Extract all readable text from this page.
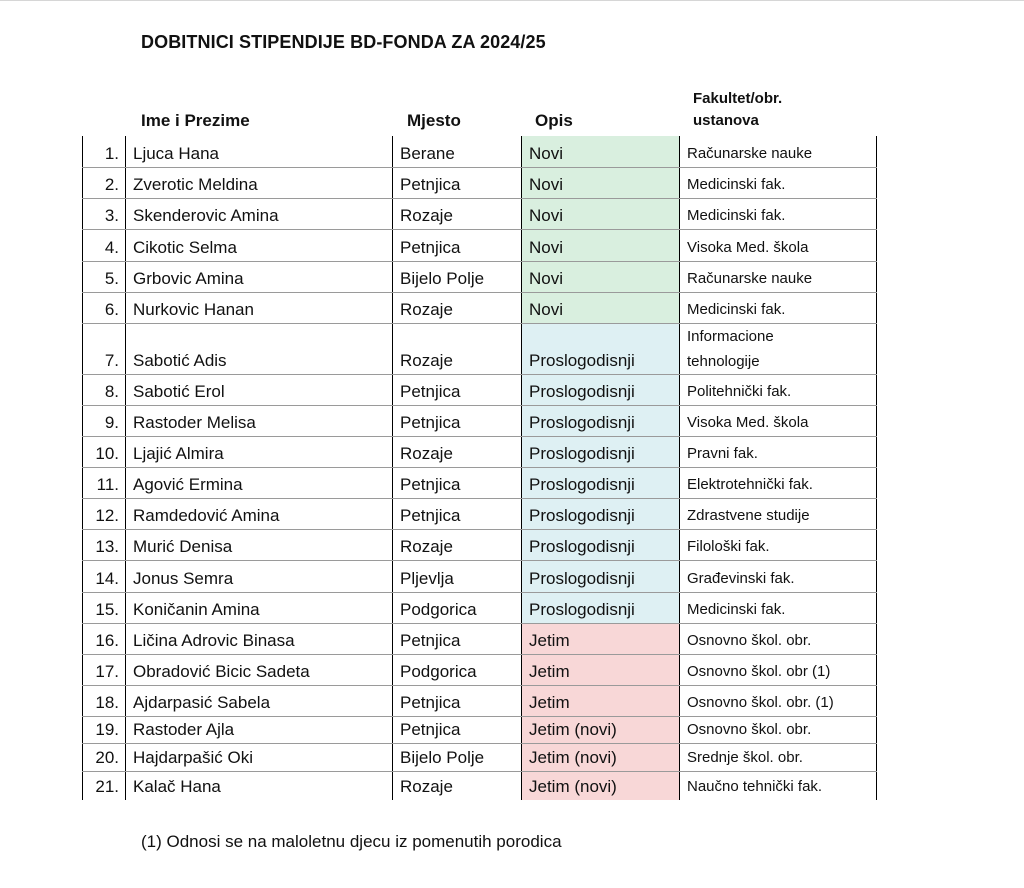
DOBITNICI STIPENDIJE BD-FONDA ZA 2024/25
Ime i Prezime	Mjesto	Opis
Fakultet/obr.
ustanova
1.	Ljuca Hana	Berane	Novi	Računarske nauke
2.	Zverotic Meldina	Petnjica	Novi	Medicinski fak.
3.	Skenderovic Amina	Rozaje	Novi	Medicinski fak.
4.	Cikotic Selma	Petnjica	Novi	Visoka Med. škola
5.	Grbovic Amina	Bijelo Polje	Novi	Računarske nauke
6.	Nurkovic Hanan	Rozaje	Novi	Medicinski fak.
7.	Sabotić Adis	Rozaje	Proslogodisnji	Informacione
tehnologije

8.	Sabotić Erol	Petnjica	Proslogodisnji	Politehnički fak.
9.	Rastoder Melisa	Petnjica	Proslogodisnji	Visoka Med. škola
10.	Ljajić Almira	Rozaje	Proslogodisnji	Pravni fak.
11.	Agović Ermina	Petnjica	Proslogodisnji	Elektrotehnički fak.
12.	Ramdedović Amina	Petnjica	Proslogodisnji	Zdrastvene studije
13.	Murić Denisa	Rozaje	Proslogodisnji	Filološki fak.
14.	Jonus Semra	Pljevlja	Proslogodisnji	Građevinski fak.
15.	Koničanin Amina	Podgorica	Proslogodisnji	Medicinski fak.
16.	Ličina Adrovic Binasa	Petnjica	Jetim	Osnovno škol. obr.
17.	Obradović Bicic Sadeta	Podgorica	Jetim	Osnovno škol. obr (1)
18.	Ajdarpasić Sabela	Petnjica	Jetim	Osnovno škol. obr. (1)
19.	Rastoder Ajla	Petnjica	Jetim (novi)	Osnovno škol. obr.
20.	Hajdarpašić Oki	Bijelo Polje	Jetim (novi)	Srednje škol. obr.
21.	Kalač Hana	Rozaje	Jetim (novi)	Naučno tehnički fak.
(1) Odnosi se na maloletnu djecu iz pomenutih porodica
